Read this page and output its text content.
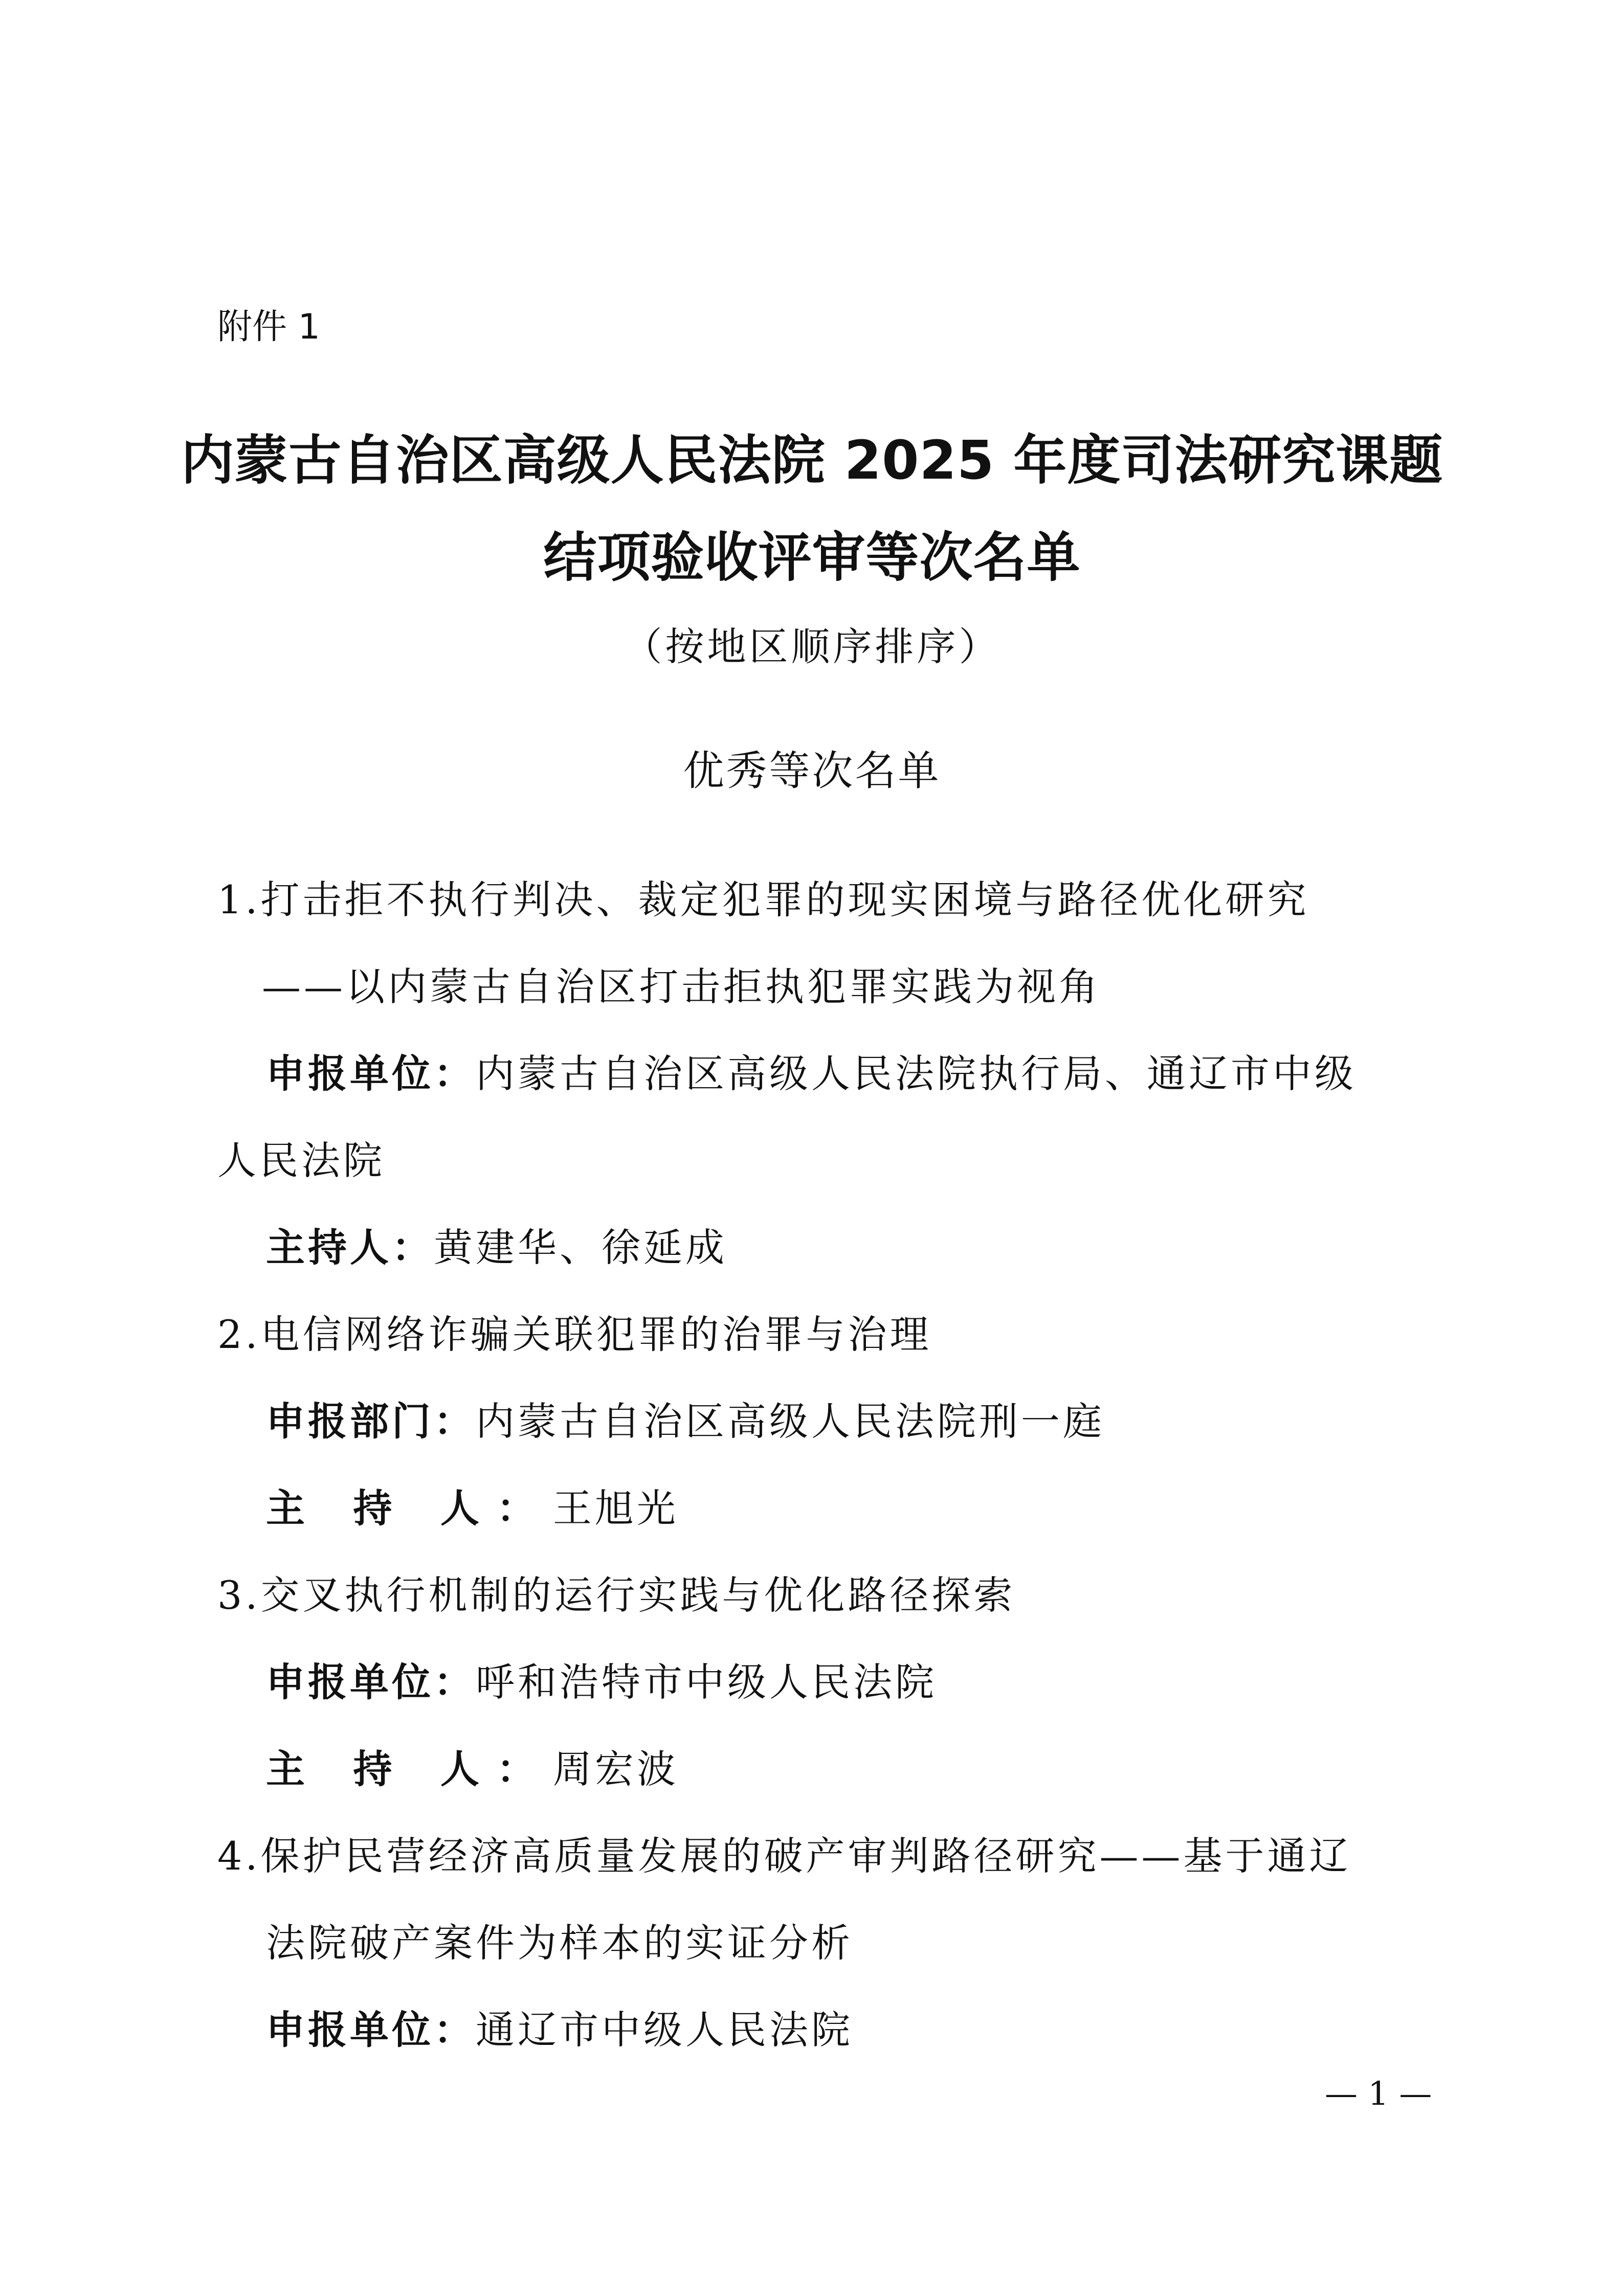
附件 1
内蒙古自治区高级人民法院 2025 年度司法研究课题
结项验收评审等次名单
（按地区顺序排序）
优秀等次名单
1.打击拒不执行判决、裁定犯罪的现实困境与路径优化研究
——以内蒙古自治区打击拒执犯罪实践为视角
申报单位：内蒙古自治区高级人民法院执行局、通辽市中级
人民法院
主持人：黄建华、徐延成
2.电信网络诈骗关联犯罪的治罪与治理
申报部门：内蒙古自治区高级人民法院刑一庭
主 持 人：王旭光
3.交叉执行机制的运行实践与优化路径探索
申报单位：呼和浩特市中级人民法院
主 持 人：周宏波
4.保护民营经济高质量发展的破产审判路径研究——基于通辽
法院破产案件为样本的实证分析
申报单位：通辽市中级人民法院
— 1 —
